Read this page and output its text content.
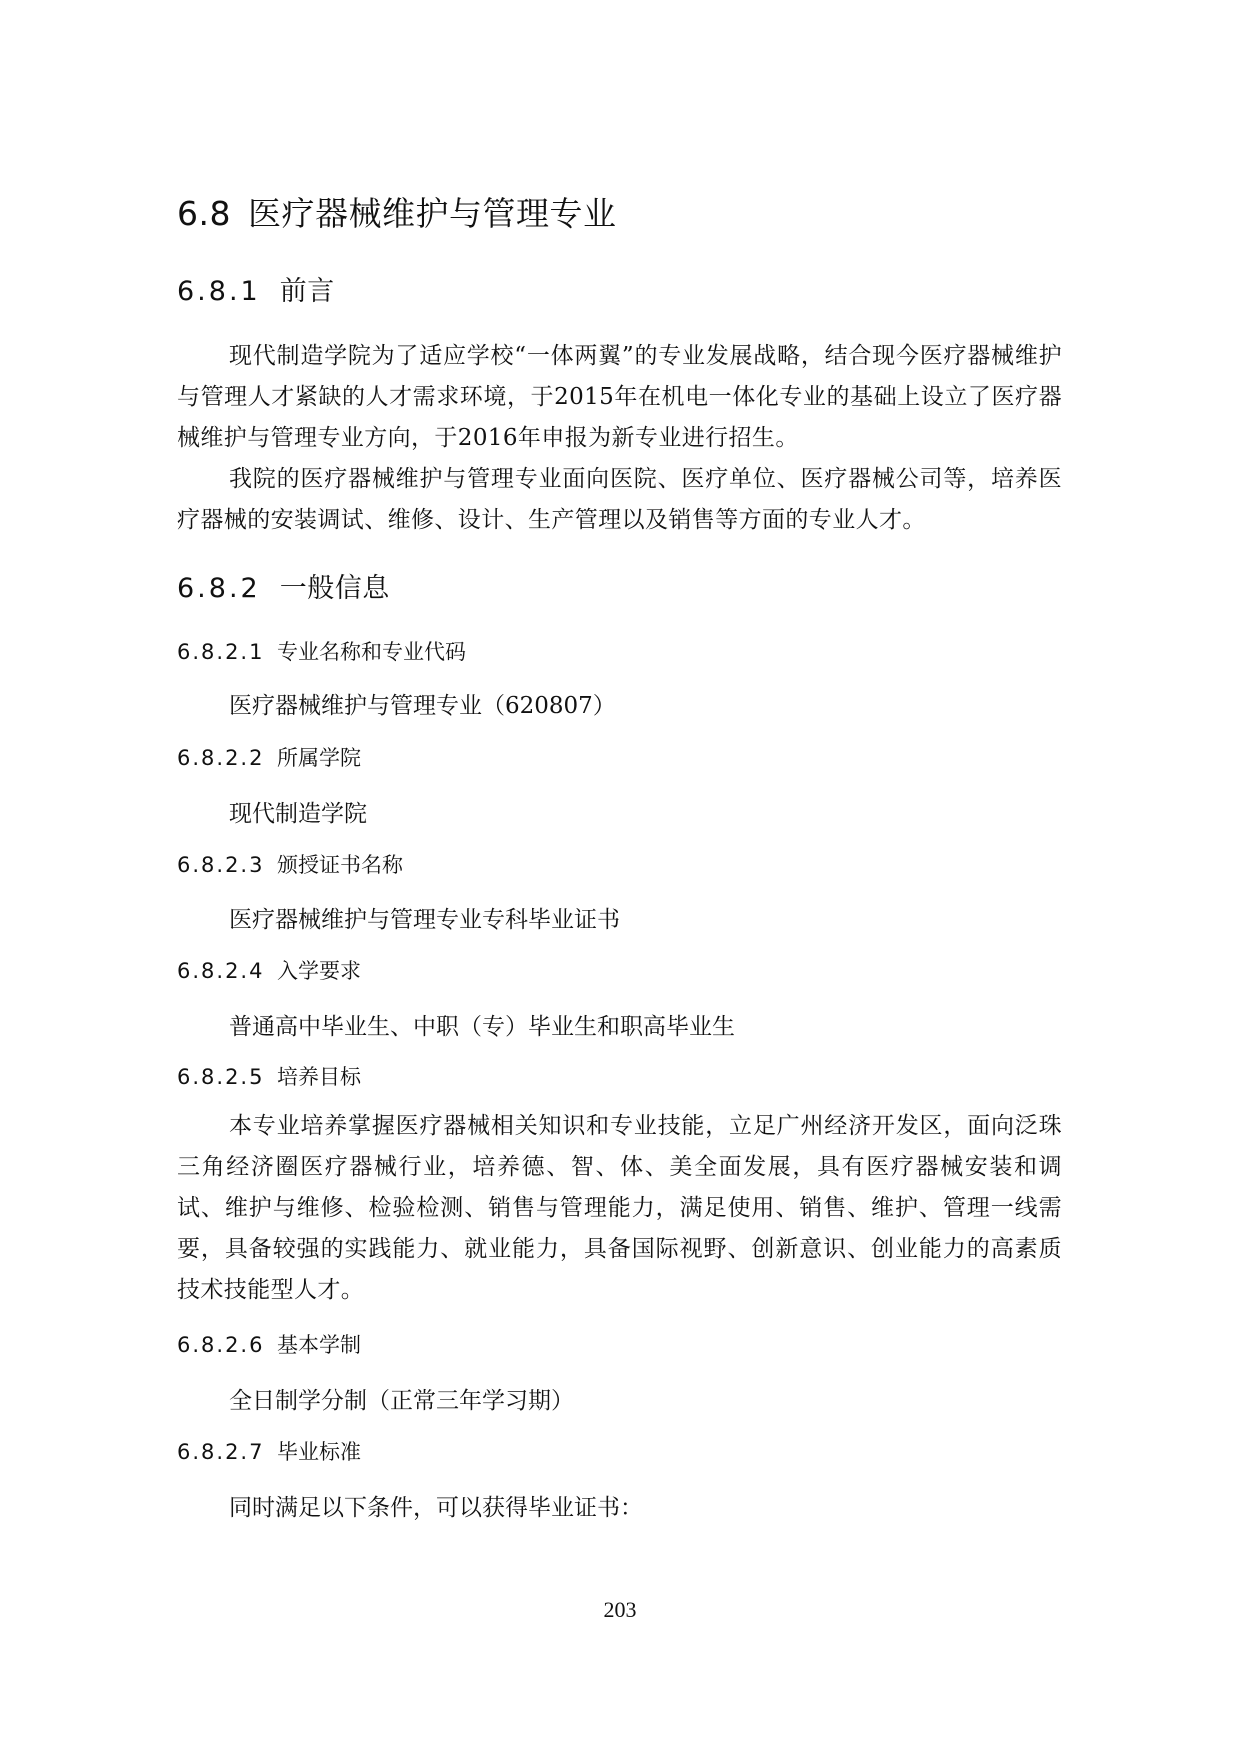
6.8 医疗器械维护与管理专业
6.8.1 前言

现代制造学院为了适应学校“一体两翼”的专业发展战略，结合现今医疗器械维护与管理人才紧缺的人才需求环境，于2015年在机电一体化专业的基础上设立了医疗器械维护与管理专业方向，于2016年申报为新专业进行招生。

我院的医疗器械维护与管理专业面向医院、医疗单位、医疗器械公司等，培养医疗器械的安装调试、维修、设计、生产管理以及销售等方面的专业人才。

6.8.2 一般信息
6.8.2.1 专业名称和专业代码
医疗器械维护与管理专业（620807）
6.8.2.2 所属学院
现代制造学院
6.8.2.3 颁授证书名称
医疗器械维护与管理专业专科毕业证书
6.8.2.4 入学要求
普通高中毕业生、中职（专）毕业生和职高毕业生
6.8.2.5 培养目标

本专业培养掌握医疗器械相关知识和专业技能，立足广州经济开发区，面向泛珠三角经济圈医疗器械行业，培养德、智、体、美全面发展，具有医疗器械安装和调试、维护与维修、检验检测、销售与管理能力，满足使用、销售、维护、管理一线需要，具备较强的实践能力、就业能力，具备国际视野、创新意识、创业能力的高素质技术技能型人才。

6.8.2.6 基本学制
全日制学分制（正常三年学习期）
6.8.2.7 毕业标准
同时满足以下条件，可以获得毕业证书：
203
